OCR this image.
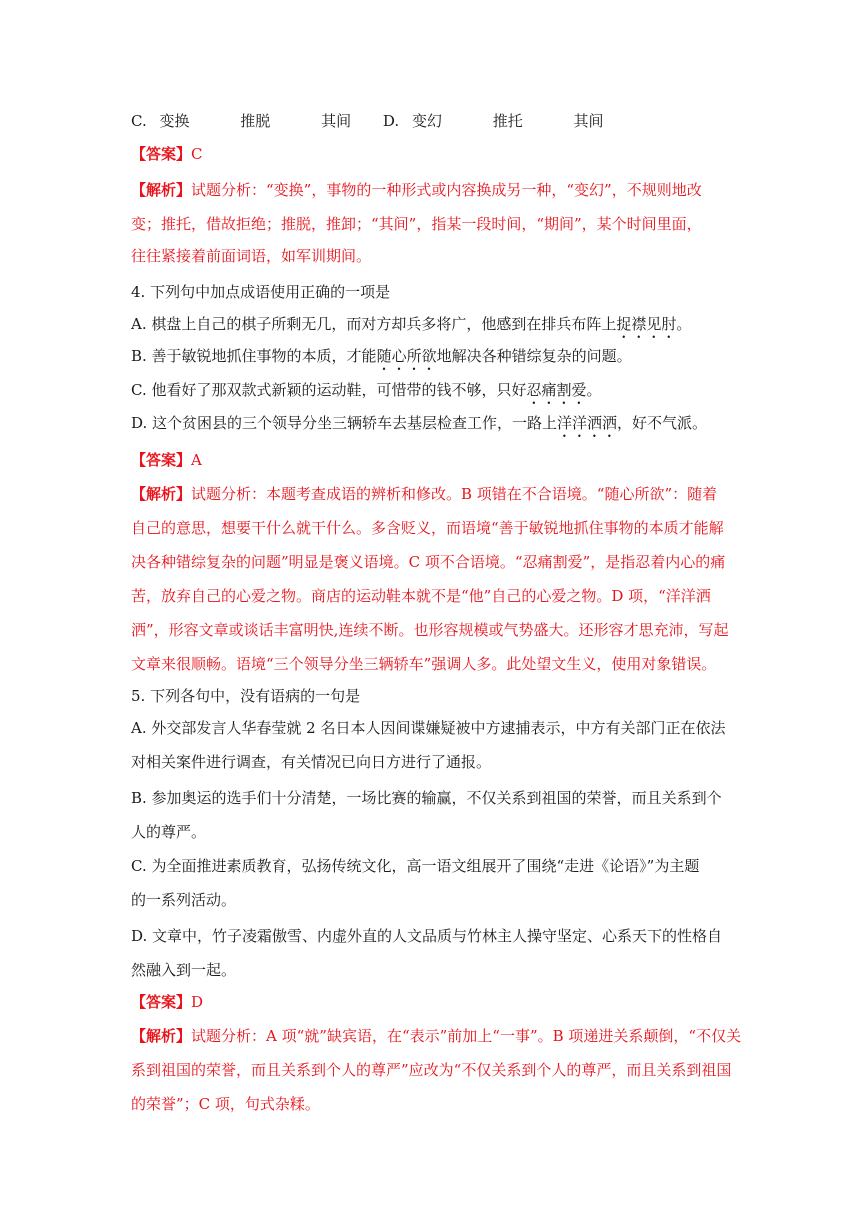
C. 变换	推脱	其间 D. 变幻	推托	其间
【答案】C
【解析】试题分析：“变换”，事物的一种形式或内容换成另一种，“变幻”，不规则地改
变；推托，借故拒绝；推脱，推卸；“其间”，指某一段时间，“期间”，某个时间里面，
往往紧接着前面词语，如军训期间。
4. 下列句中加点成语使用正确的一项是
A. 棋盘上自己的棋子所剩无几，而对方却兵多将广，他感到在排兵布阵上捉襟见肘。
B. 善于敏锐地抓住事物的本质，才能随心所欲地解决各种错综复杂的问题。
C. 他看好了那双款式新颖的运动鞋，可惜带的钱不够，只好忍痛割爱。
D. 这个贫困县的三个领导分坐三辆轿车去基层检查工作，一路上洋洋洒洒，好不气派。
【答案】A
【解析】试题分析：本题考查成语的辨析和修改。B 项错在不合语境。“随心所欲”：随着
自己的意思，想要干什么就干什么。多含贬义，而语境“善于敏锐地抓住事物的本质才能解
决各种错综复杂的问题”明显是褒义语境。C 项不合语境。“忍痛割爱”，是指忍着内心的痛
苦，放弃自己的心爱之物。商店的运动鞋本就不是“他”自己的心爱之物。D 项，“洋洋洒
洒”，形容文章或谈话丰富明快,连续不断。也形容规模或气势盛大。还形容才思充沛，写起
文章来很顺畅。语境“三个领导分坐三辆轿车”强调人多。此处望文生义，使用对象错误。
5. 下列各句中，没有语病的一句是
A. 外交部发言人华春莹就 2 名日本人因间谍嫌疑被中方逮捕表示，中方有关部门正在依法
对相关案件进行调查，有关情况已向日方进行了通报。
B. 参加奥运的选手们十分清楚，一场比赛的输赢，不仅关系到祖国的荣誉，而且关系到个
人的尊严。
C. 为全面推进素质教育，弘扬传统文化，高一语文组展开了围绕“走进《论语》”为主题
的一系列活动。
D. 文章中，竹子凌霜傲雪、内虚外直的人文品质与竹林主人操守坚定、心系天下的性格自
然融入到一起。
【答案】D
【解析】试题分析：A 项“就”缺宾语，在“表示”前加上“一事”。B 项递进关系颠倒，“不仅关
系到祖国的荣誉，而且关系到个人的尊严”应改为“不仅关系到个人的尊严，而且关系到祖国
的荣誉”；C 项，句式杂糅。
